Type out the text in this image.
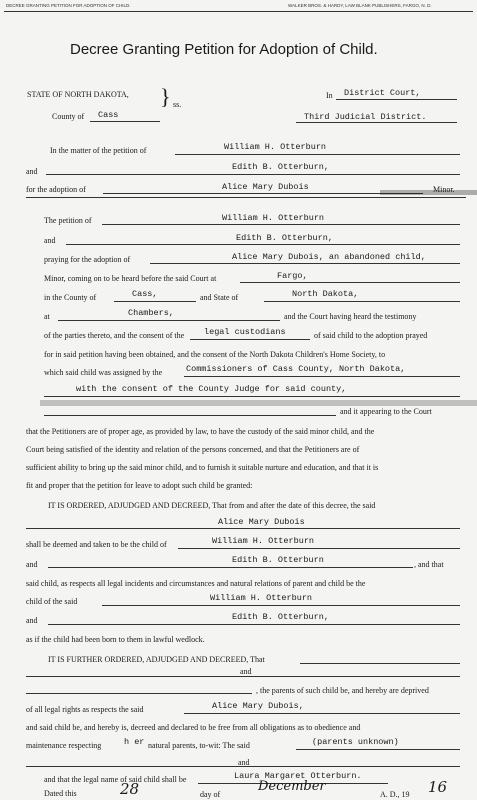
DECREE GRANTING PETITION FOR ADOPTION OF CHILD.	WALKER BROS. & HARDY, LAW BLANK PUBLISHERS, FARGO, N. D.
Decree Granting Petition for Adoption of Child.
STATE OF NORTH DAKOTA, } ss.
County of Cass
In District Court,
Third Judicial District.
In the matter of the petition of	William H. Otterburn
and	Edith B. Otterburn,
for the adoption of	Alice Mary Dubois	Minor.
The petition of	William H. Otterburn
and	Edith B. Otterburn,
praying for the adoption of	Alice Mary Dubois, an abandoned child,
Minor, coming on to be heard before the said Court at	Fargo,
in the County of	Cass,	and State of	North Dakota,
at	Chambers,	and the Court having heard the testimony
of the parties thereto, and the consent of the legal custodians	of said child to the adoption prayed
for in said petition having been obtained, and the consent of the North Dakota Children's Home Society, to
which said child was assigned by the	Commissioners of Cass County, North Dakota,
with the consent of the County Judge for said county,
and it appearing to the Court
that the Petitioners are of proper age, as provided by law, to have the custody of the said minor child, and the
Court being satisfied of the identity and relation of the persons concerned, and that the Petitioners are of
sufficient ability to bring up the said minor child, and to furnish it suitable nurture and education, and that it is
fit and proper that the petition for leave to adopt such child be granted:
IT IS ORDERED, ADJUDGED AND DECREED, That from and after the date of this decree, the said
Alice Mary Dubois
shall be deemed and taken to be the child of	William H. Otterburn
and	Edith B. Otterburn	, and that
said child, as respects all legal incidents and circumstances and natural relations of parent and child be the
child of the said	William H. Otterburn
and	Edith B. Otterburn,
as if the child had been born to them in lawful wedlock.
IT IS FURTHER ORDERED, ADJUDGED AND DECREED, That
and
, the parents of such child be, and hereby are deprived
of all legal rights as respects the said	Alice Mary Dubois,
and said child be, and hereby is, decreed and declared to be free from all obligations as to obedience and
maintenance respecting	h er natural parents, to-wit: The said	(parents unknown)
and
and that the legal name of said child shall be	Laura Margaret Otterburn.
Dated this	28	day of
December
A. D., 19 16
